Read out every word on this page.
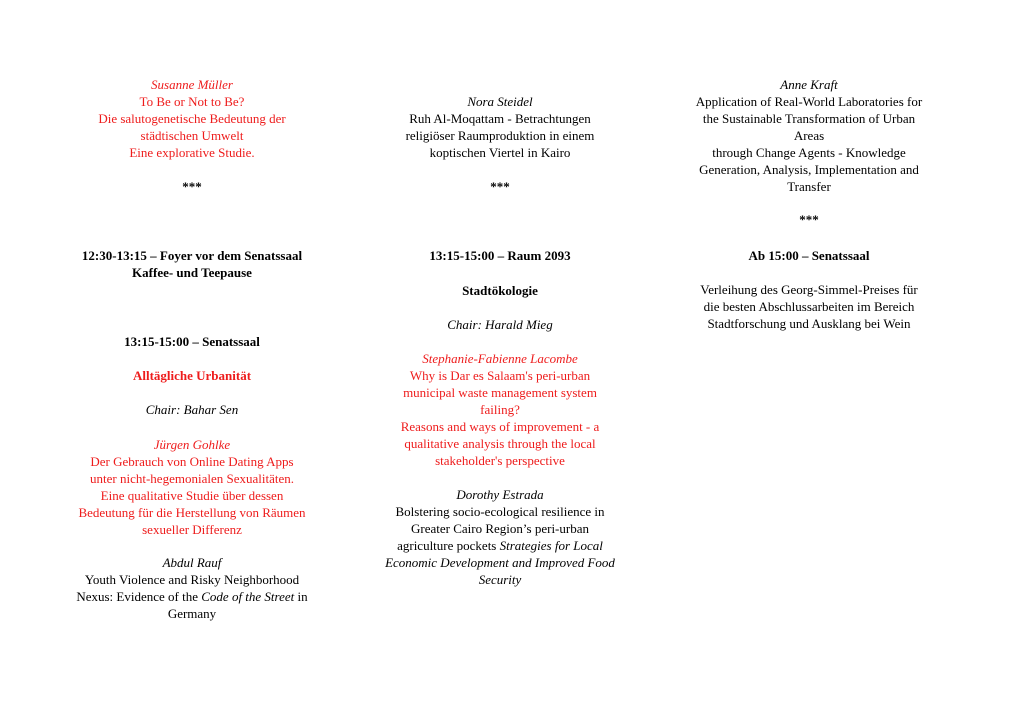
Susanne Müller
To Be or Not to Be?
Die salutogenetische Bedeutung der
städtischen Umwelt
Eine explorative Studie.
***
12:30-13:15 – Foyer vor dem Senatssaal
Kaffee- und Teepause
13:15-15:00 – Senatssaal
Alltägliche Urbanität
Chair: Bahar Sen
Jürgen Gohlke
Der Gebrauch von Online Dating Apps
unter nicht-hegemonialen Sexualitäten.
Eine qualitative Studie über dessen
Bedeutung für die Herstellung von Räumen
sexueller Differenz
Abdul Rauf
Youth Violence and Risky Neighborhood
Nexus: Evidence of the Code of the Street in
Germany
Nora Steidel
Ruh Al-Moqattam - Betrachtungen
religiöser Raumproduktion in einem
koptischen Viertel in Kairo
***
13:15-15:00 – Raum 2093
Stadtökologie
Chair: Harald Mieg
Stephanie-Fabienne Lacombe
Why is Dar es Salaam's peri-urban
municipal waste management system
failing?
Reasons and ways of improvement - a
qualitative analysis through the local
stakeholder's perspective
Dorothy Estrada
Bolstering socio-ecological resilience in
Greater Cairo Region’s peri-urban
agriculture pockets Strategies for Local
Economic Development and Improved Food
Security
Anne Kraft
Application of Real-World Laboratories for
the Sustainable Transformation of Urban
Areas
through Change Agents - Knowledge
Generation, Analysis, Implementation and
Transfer
***
Ab 15:00 – Senatssaal
Verleihung des Georg-Simmel-Preises für
die besten Abschlussarbeiten im Bereich
Stadtforschung und Ausklang bei Wein
